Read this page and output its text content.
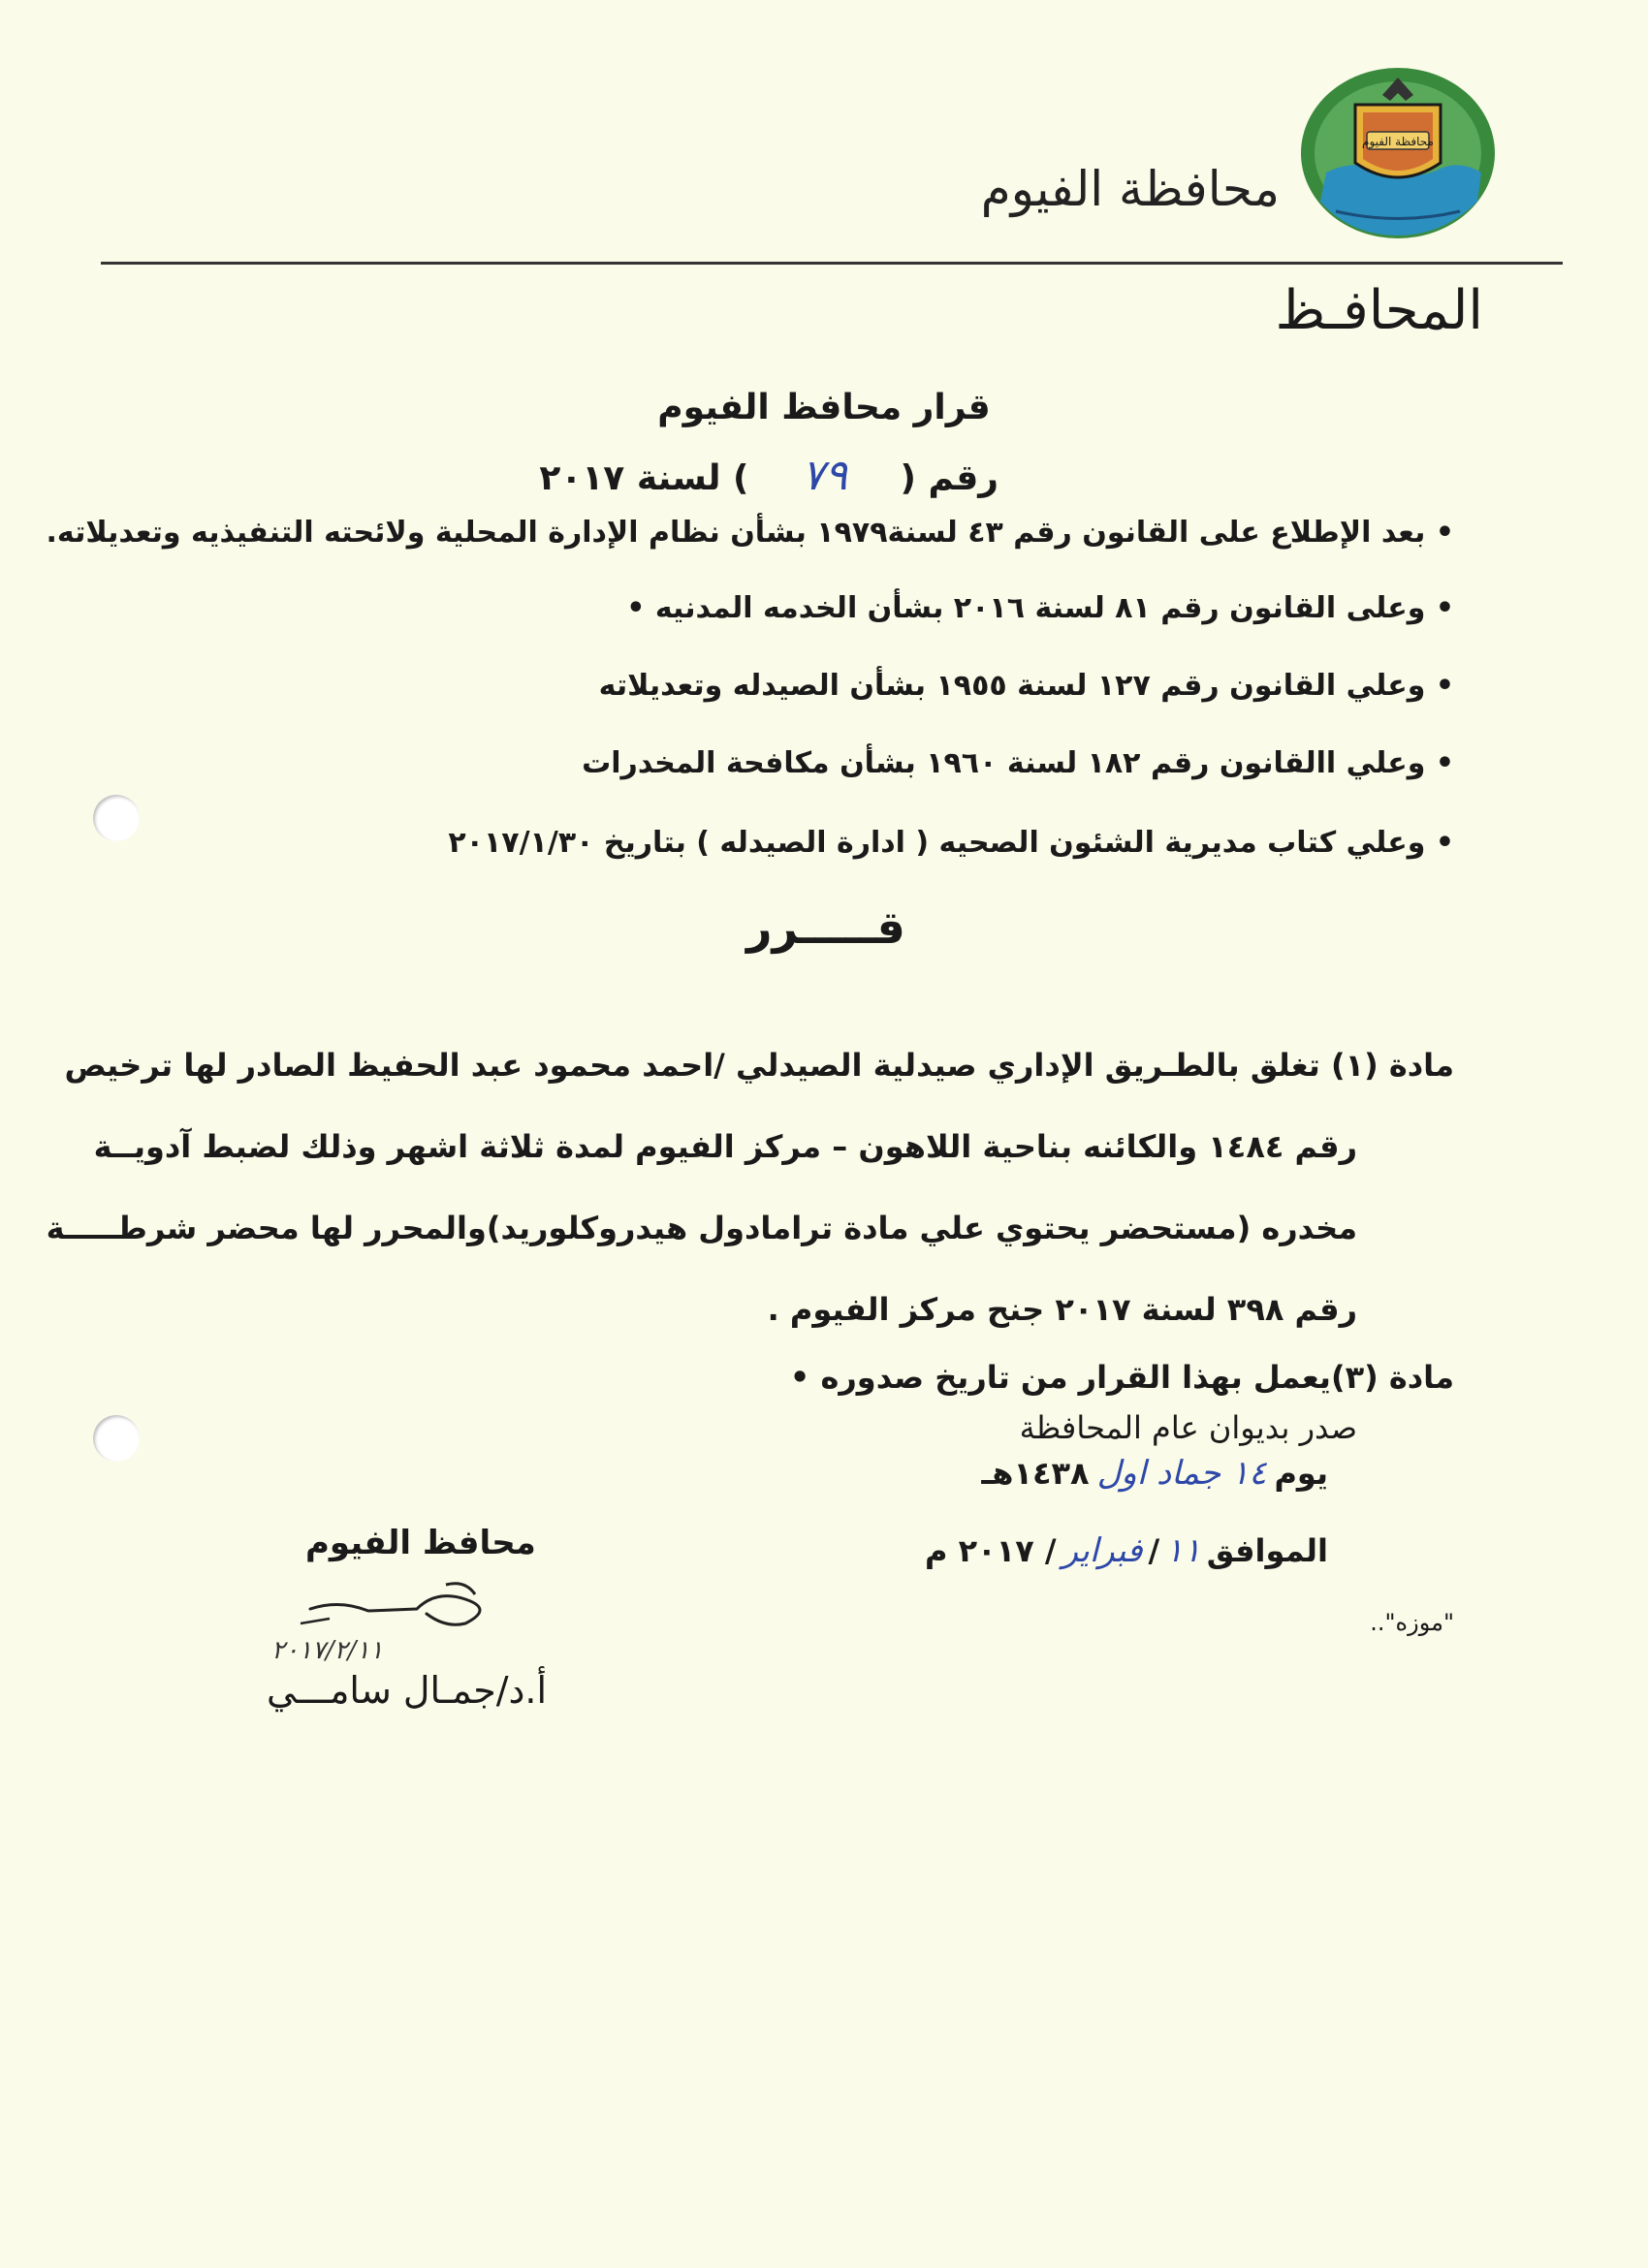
محافظة الفيوم
محافظة الفيوم
المحافـظ
قرار محافظ الفيوم
رقم (
٧٩
) لسنة ٢٠١٧
• بعد الإطلاع على القانون رقم ٤٣ لسنة١٩٧٩ بشأن نظام الإدارة المحلية ولائحته التنفيذيه وتعديلاته.
• وعلى القانون رقم ٨١ لسنة ٢٠١٦ بشأن الخدمه المدنيه •
• وعلي القانون رقم ١٢٧ لسنة ١٩٥٥ بشأن الصيدله وتعديلاته
• وعلي االقانون رقم ١٨٢ لسنة ١٩٦٠ بشأن مكافحة المخدرات
• وعلي كتاب مديرية الشئون الصحيه ( ادارة الصيدله ) بتاريخ ٢٠١٧/١/٣٠
قـــــرر
مادة (١) تغلق بالطـريق الإداري صيدلية الصيدلي /احمد محمود عبد الحفيظ الصادر لها ترخيص
رقم ١٤٨٤ والكائنه بناحية اللاهون – مركز الفيوم لمدة ثلاثة اشهر وذلك لضبط آدويــة
مخدره (مستحضر يحتوي علي مادة ترامادول هيدروكلوريد)والمحرر لها محضر شرطـــــة
رقم ٣٩٨ لسنة ٢٠١٧ جنح مركز الفيوم .
مادة (٣)يعمل بهذا القرار من تاريخ صدوره •
صدر بديوان عام المحافظة
يوم
١٤ جماد اول
١٤٣٨هـ
الموافق
١١
/
فبراير
/ ٢٠١٧ م
"موزه"..
محافظ الفيوم
٢٠١٧/٢/١١
أ.د/جمـال سامـــي
